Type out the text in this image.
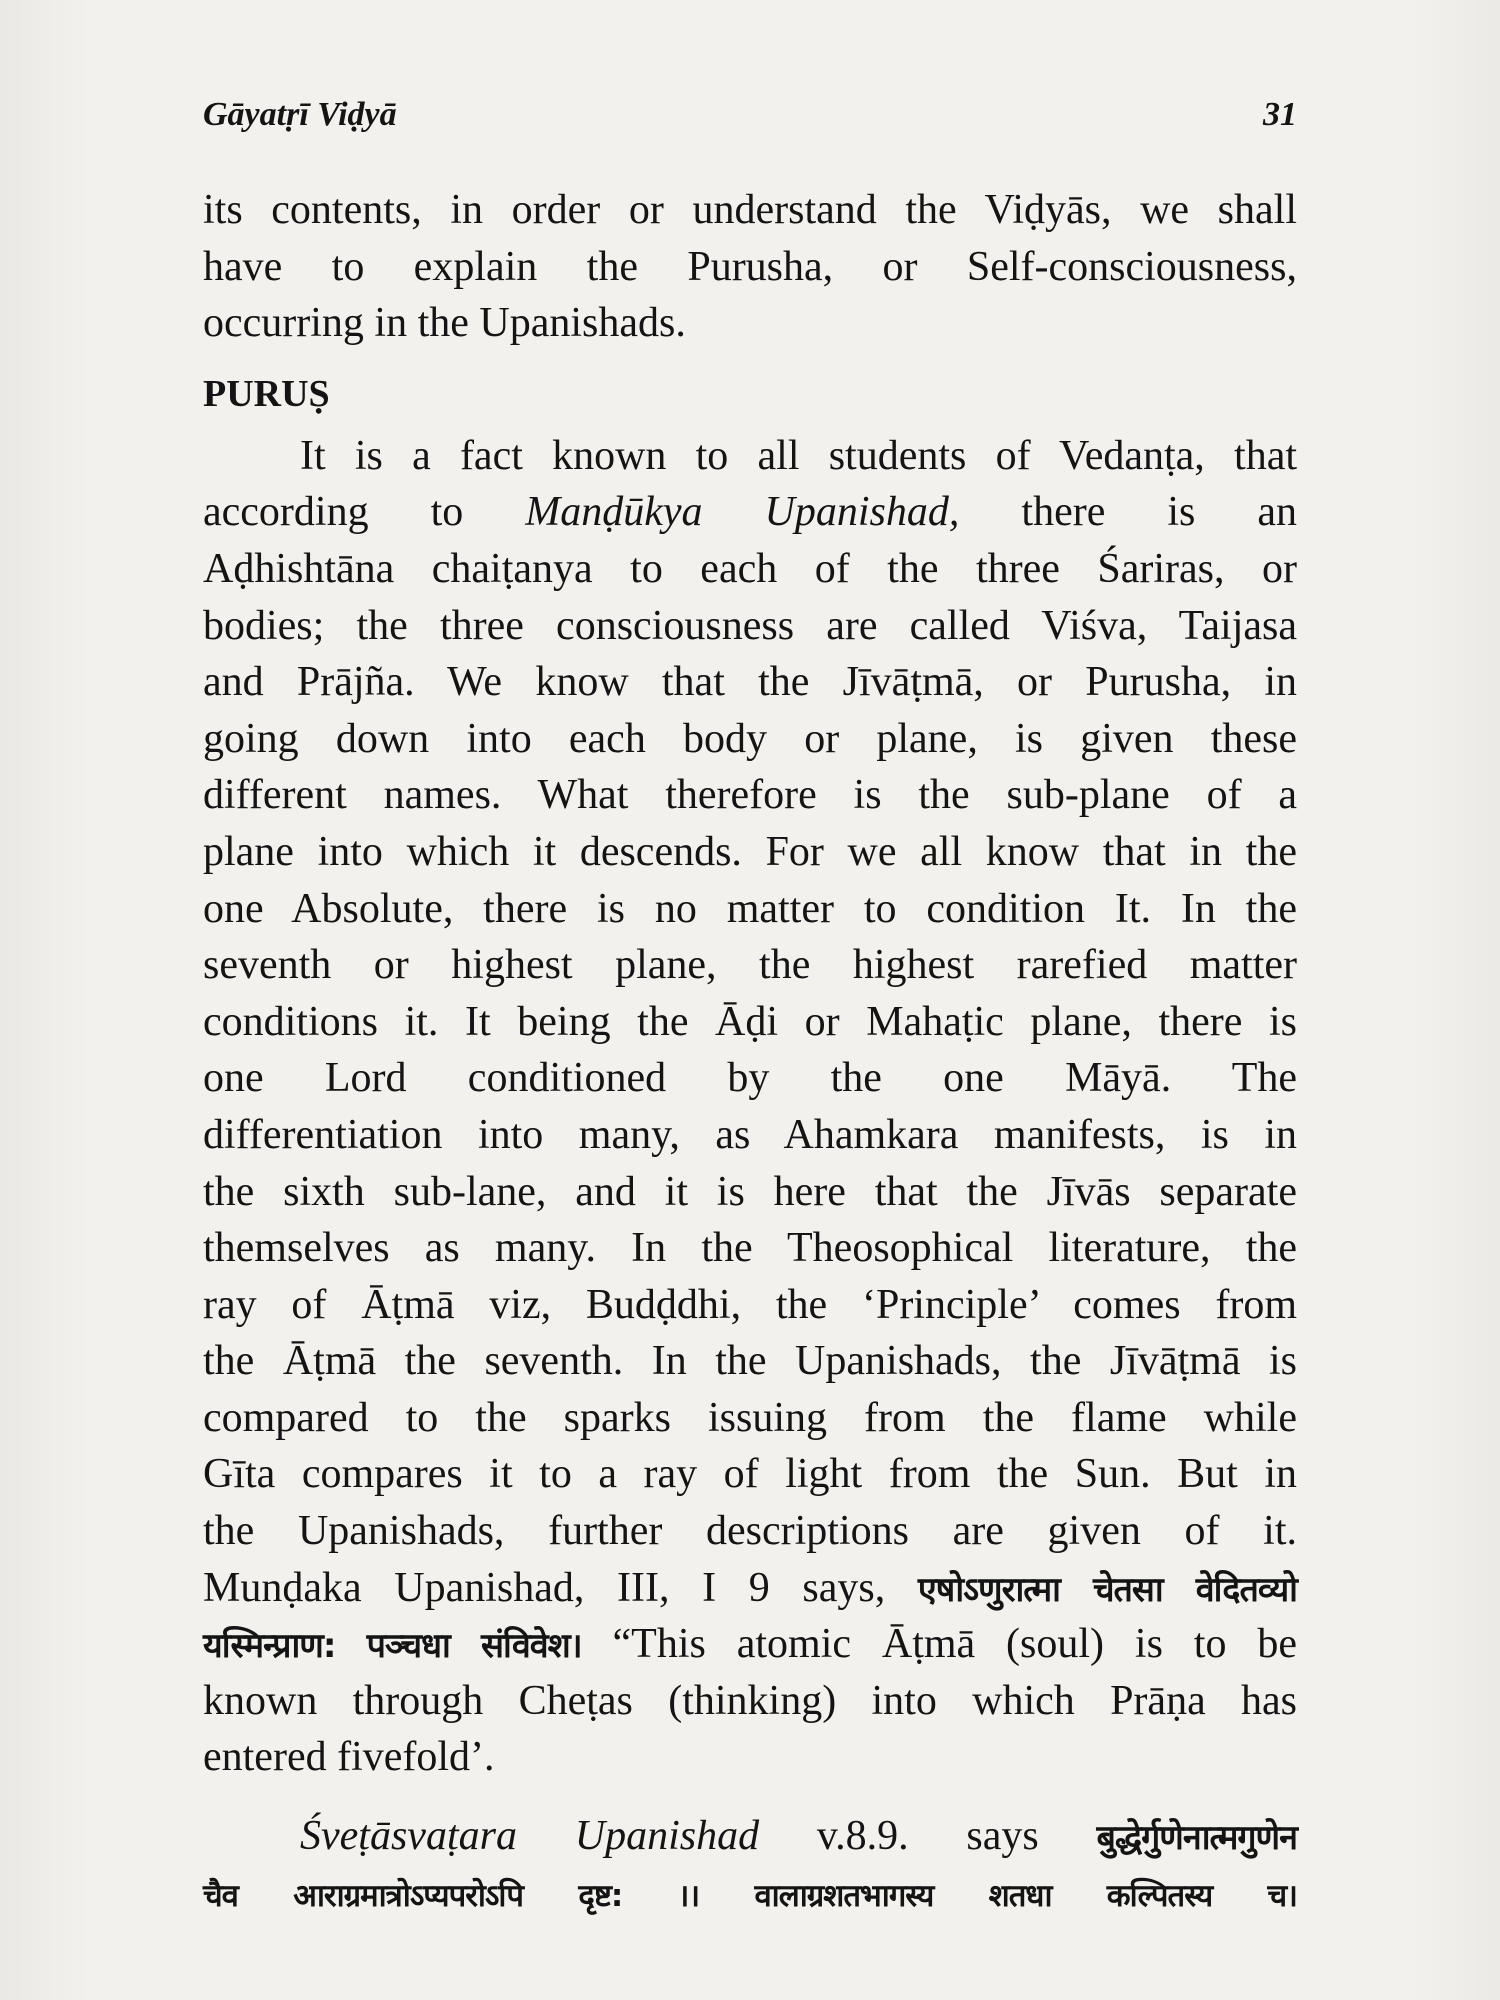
Gāyatṛī Viḍyā	31
its contents, in order or understand the Viḍyās, we shall
have to explain the Purusha, or Self-consciousness,
occurring in the Upanishads.
PURUṢ
It is a fact known to all students of Vedanṭa, that
according to Manḍūkya Upanishad, there is an
Aḍhishtāna chaiṭanya to each of the three Śariras, or
bodies; the three consciousness are called Viśva, Taijasa
and Prājña. We know that the Jīvāṭmā, or Purusha, in
going down into each body or plane, is given these
different names. What therefore is the sub-plane of a
plane into which it descends. For we all know that in the
one Absolute, there is no matter to condition It. In the
seventh or highest plane, the highest rarefied matter
conditions it. It being the Āḍi or Mahaṭic plane, there is
one Lord conditioned by the one Māyā. The
differentiation into many, as Ahamkara manifests, is in
the sixth sub-lane, and it is here that the Jīvās separate
themselves as many. In the Theosophical literature, the
ray of Āṭmā viz, Budḍdhi, the ‘Principle’ comes from
the Āṭmā the seventh. In the Upanishads, the Jīvāṭmā is
compared to the sparks issuing from the flame while
Gīta compares it to a ray of light from the Sun. But in
the Upanishads, further descriptions are given of it.
Munḍaka Upanishad, III, I 9 says, एषोऽणुरात्मा चेतसा वेदितव्यो
यस्मिन्प्राण: पञ्चधा संविवेश। “This atomic Āṭmā (soul) is to be
known through Cheṭas (thinking) into which Prāṇa has
entered fivefold’.
Śveṭāsvaṭara Upanishad v.8.9. says बुद्धेर्गुणेनात्मगुणेन
चैव आराग्रमात्रोऽप्यपरोऽपि दृष्ट: ।। वालाग्रशतभागस्य शतधा कल्पितस्य च।
